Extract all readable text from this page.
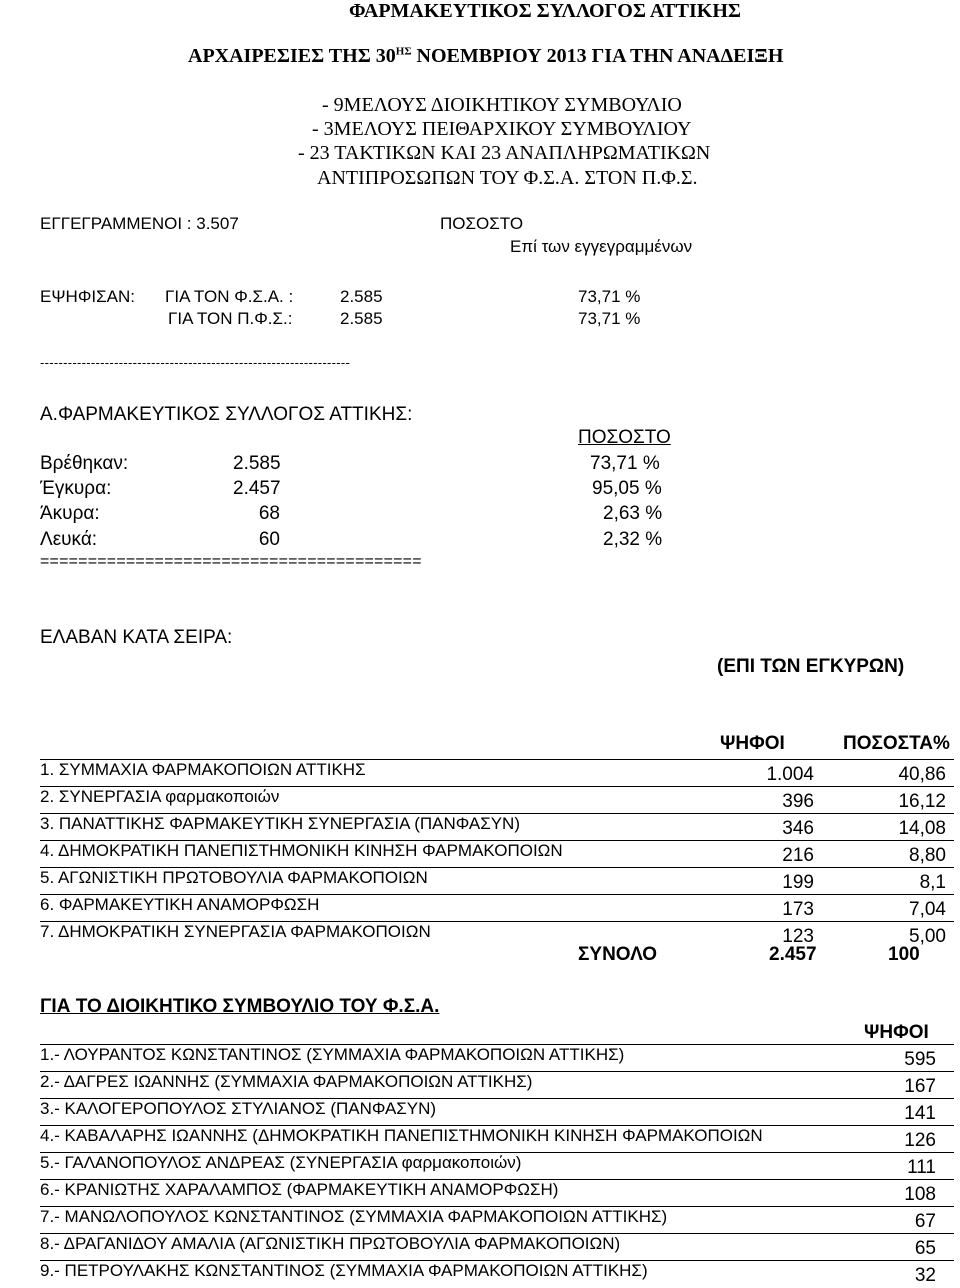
ΦΑΡΜΑΚΕΥΤΙΚΟΣ ΣΥΛΛΟΓΟΣ ΑΤΤΙΚΗΣ
ΑΡΧΑΙΡΕΣΙΕΣ ΤΗΣ $30^{H\Sigma}$ ΝΟΕΜΒΡΙΟΥ 2013 ΓΙΑ ΤΗΝ ΑΝΑΔΕΙΞΗ
- 9ΜΕΛΟΥΣ ΔΙΟΙΚΗΤΙΚΟΥ ΣΥΜΒΟΥΛΙΟ
- 3ΜΕΛΟΥΣ ΠΕΙΘΑΡΧΙΚΟΥ ΣΥΜΒΟΥΛΙΟΥ
- 23 ΤΑΚΤΙΚΩΝ ΚΑΙ 23 ΑΝΑΠΛΗΡΩΜΑΤΙΚΩΝ
ΑΝΤΙΠΡΟΣΩΠΩΝ ΤΟΥ Φ.Σ.Α. ΣΤΟΝ Π.Φ.Σ.
ΕΓΓΕΓΡΑΜΜΕΝΟΙ : 3.507	ΠΟΣΟΣΤΟ
Επί των εγγεγραμμένων
ΕΨΗΦΙΣΑΝ: ΓΙΑ ΤΟΝ Φ.Σ.Α. :	2.585	73,71 %
ΓΙΑ ΤΟΝ Π.Φ.Σ.:	2.585	73,71 %
-------------------------------------------------------------------
Α.ΦΑΡΜΑΚΕΥΤΙΚΟΣ ΣΥΛΛΟΓΟΣ ΑΤΤΙΚΗΣ:
ΠΟΣΟΣΤΟ
Βρέθηκαν:	2.585	73,71 %
Έγκυρα:	2.457	95,05 %
Άκυρα:	68	2,63 %
Λευκά:	60	2,32 %
========================================
ΕΛΑΒΑΝ ΚΑΤΑ ΣΕΙΡΑ:
(ΕΠΙ ΤΩΝ ΕΓΚΥΡΩΝ)
ΨΗΦΟΙ	ΠΟΣΟΣΤΑ%
1. ΣΥΜΜΑΧΙΑ ΦΑΡΜΑΚΟΠΟΙΩΝ ΑΤΤΙΚΗΣ	1.004	40,86
2. ΣΥΝΕΡΓΑΣΙΑ φαρμακοποιών	396	16,12
3. ΠΑΝΑΤΤΙΚΗΣ ΦΑΡΜΑΚΕΥΤΙΚΗ ΣΥΝΕΡΓΑΣΙΑ (ΠΑΝΦΑΣΥΝ)	346	14,08
4. ΔΗΜΟΚΡΑΤΙΚΗ ΠΑΝΕΠΙΣΤΗΜΟΝΙΚΗ ΚΙΝΗΣΗ ΦΑΡΜΑΚΟΠΟΙΩΝ	216	8,80
5. ΑΓΩΝΙΣΤΙΚΗ ΠΡΩΤΟΒΟΥΛΙΑ ΦΑΡΜΑΚΟΠΟΙΩΝ	199	8,1
6. ΦΑΡΜΑΚΕΥΤΙΚΗ ΑΝΑΜΟΡΦΩΣΗ	173	7,04
7. ΔΗΜΟΚΡΑΤΙΚΗ ΣΥΝΕΡΓΑΣΙΑ ΦΑΡΜΑΚΟΠΟΙΩΝ	123	5,00
ΣΥΝΟΛΟ	2.457	100
ΓΙΑ ΤΟ ΔΙΟΙΚΗΤΙΚΟ ΣΥΜΒΟΥΛΙΟ ΤΟΥ Φ.Σ.Α.
ΨΗΦΟΙ
1.- ΛΟΥΡΑΝΤΟΣ ΚΩΝΣΤΑΝΤΙΝΟΣ (ΣΥΜΜΑΧΙΑ ΦΑΡΜΑΚΟΠΟΙΩΝ ΑΤΤΙΚΗΣ)	595
2.- ΔΑΓΡΕΣ ΙΩΑΝΝΗΣ (ΣΥΜΜΑΧΙΑ ΦΑΡΜΑΚΟΠΟΙΩΝ ΑΤΤΙΚΗΣ)	167
3.- ΚΑΛΟΓΕΡΟΠΟΥΛΟΣ ΣΤΥΛΙΑΝΟΣ (ΠΑΝΦΑΣΥΝ)	141
4.- ΚΑΒΑΛΑΡΗΣ ΙΩΑΝΝΗΣ (ΔΗΜΟΚΡΑΤΙΚΗ ΠΑΝΕΠΙΣΤΗΜΟΝΙΚΗ ΚΙΝΗΣΗ ΦΑΡΜΑΚΟΠΟΙΩΝ	126
5.- ΓΑΛΑΝΟΠΟΥΛΟΣ ΑΝΔΡΕΑΣ (ΣΥΝΕΡΓΑΣΙΑ φαρμακοποιών)	111
6.- ΚΡΑΝΙΩΤΗΣ ΧΑΡΑΛΑΜΠΟΣ (ΦΑΡΜΑΚΕΥΤΙΚΗ ΑΝΑΜΟΡΦΩΣΗ)	108
7.- ΜΑΝΩΛΟΠΟΥΛΟΣ ΚΩΝΣΤΑΝΤΙΝΟΣ (ΣΥΜΜΑΧΙΑ ΦΑΡΜΑΚΟΠΟΙΩΝ ΑΤΤΙΚΗΣ)	67
8.- ΔΡΑΓΑΝΙΔΟΥ ΑΜΑΛΙΑ (ΑΓΩΝΙΣΤΙΚΗ ΠΡΩΤΟΒΟΥΛΙΑ ΦΑΡΜΑΚΟΠΟΙΩΝ)	65
9.- ΠΕΤΡΟΥΛΑΚΗΣ ΚΩΝΣΤΑΝΤΙΝΟΣ (ΣΥΜΜΑΧΙΑ ΦΑΡΜΑΚΟΠΟΙΩΝ ΑΤΤΙΚΗΣ)	32
